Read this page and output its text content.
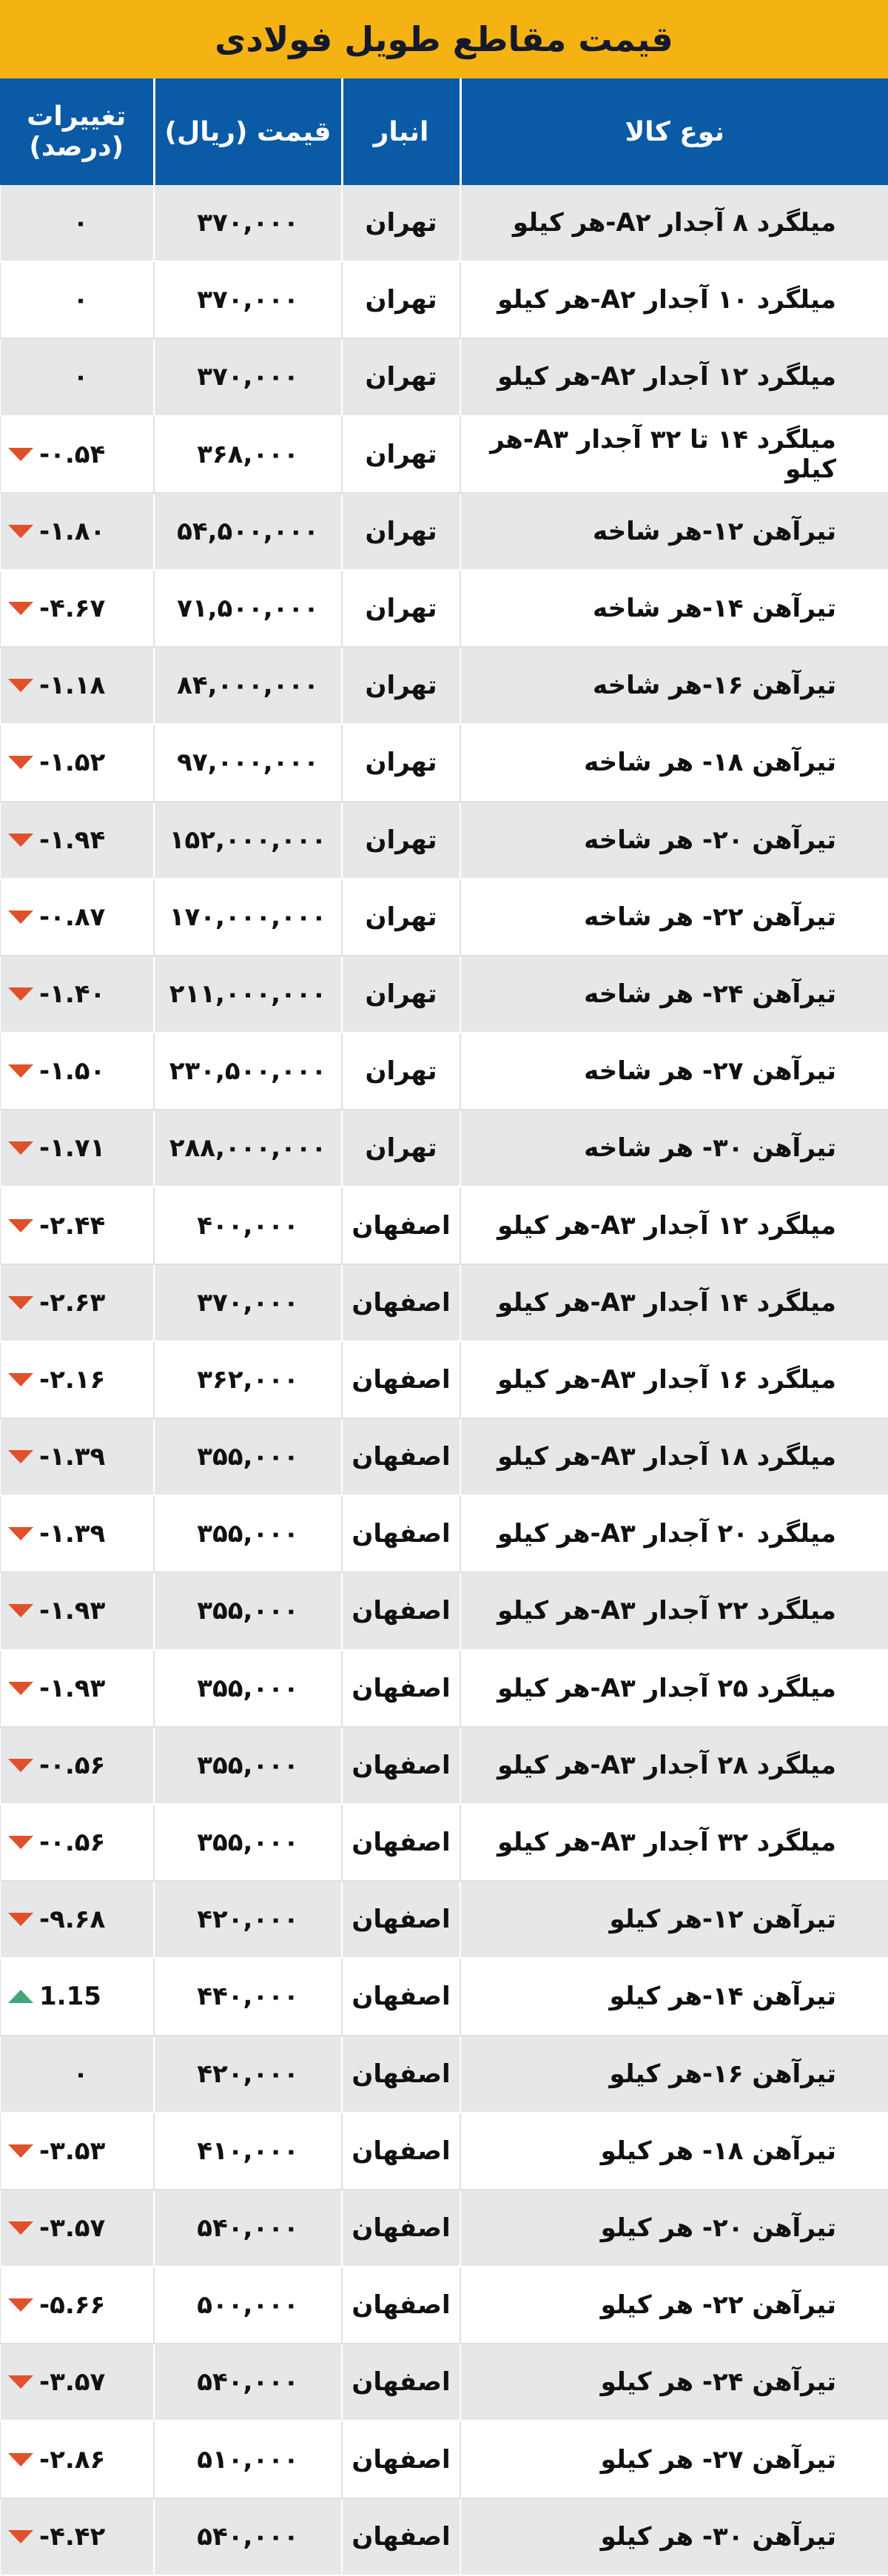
قیمت مقاطع طویل فولادی
نوع کالا	انبار	قیمت (ریال)	تغییرات (درصد)
میلگرد ۸ آجدار A۲-هر کیلو	تهران	۳۷۰,۰۰۰	۰

میلگرد ۱۰ آجدار A۲-هر کیلو	تهران	۳۷۰,۰۰۰	۰

میلگرد ۱۲ آجدار A۲-هر کیلو	تهران	۳۷۰,۰۰۰	۰

میلگرد ۱۴ تا ۳۲ آجدار A۳-هر کیلو	تهران	۳۶۸,۰۰۰	-۰.۵۴

تیرآهن ۱۲-هر شاخه	تهران	۵۴,۵۰۰,۰۰۰	-۱.۸۰

تیرآهن ۱۴-هر شاخه	تهران	۷۱,۵۰۰,۰۰۰	-۴.۶۷

تیرآهن ۱۶-هر شاخه	تهران	۸۴,۰۰۰,۰۰۰	-۱.۱۸

تیرآهن ۱۸- هر شاخه	تهران	۹۷,۰۰۰,۰۰۰	-۱.۵۲

تیرآهن ۲۰- هر شاخه	تهران	۱۵۲,۰۰۰,۰۰۰	-۱.۹۴

تیرآهن ۲۲- هر شاخه	تهران	۱۷۰,۰۰۰,۰۰۰	-۰.۸۷

تیرآهن ۲۴- هر شاخه	تهران	۲۱۱,۰۰۰,۰۰۰	-۱.۴۰

تیرآهن ۲۷- هر شاخه	تهران	۲۳۰,۵۰۰,۰۰۰	-۱.۵۰

تیرآهن ۳۰- هر شاخه	تهران	۲۸۸,۰۰۰,۰۰۰	-۱.۷۱

میلگرد ۱۲ آجدار A۳-هر کیلو	اصفهان	۴۰۰,۰۰۰	-۲.۴۴

میلگرد ۱۴ آجدار A۳-هر کیلو	اصفهان	۳۷۰,۰۰۰	-۲.۶۳

میلگرد ۱۶ آجدار A۳-هر کیلو	اصفهان	۳۶۲,۰۰۰	-۲.۱۶

میلگرد ۱۸ آجدار A۳-هر کیلو	اصفهان	۳۵۵,۰۰۰	-۱.۳۹

میلگرد ۲۰ آجدار A۳-هر کیلو	اصفهان	۳۵۵,۰۰۰	-۱.۳۹

میلگرد ۲۲ آجدار A۳-هر کیلو	اصفهان	۳۵۵,۰۰۰	-۱.۹۳

میلگرد ۲۵ آجدار A۳-هر کیلو	اصفهان	۳۵۵,۰۰۰	-۱.۹۳

میلگرد ۲۸ آجدار A۳-هر کیلو	اصفهان	۳۵۵,۰۰۰	-۰.۵۶

میلگرد ۳۲ آجدار A۳-هر کیلو	اصفهان	۳۵۵,۰۰۰	-۰.۵۶

تیرآهن ۱۲-هر کیلو	اصفهان	۴۲۰,۰۰۰	-۹.۶۸

تیرآهن ۱۴-هر کیلو	اصفهان	۴۴۰,۰۰۰	1.15

تیرآهن ۱۶-هر کیلو	اصفهان	۴۲۰,۰۰۰	۰

تیرآهن ۱۸- هر کیلو	اصفهان	۴۱۰,۰۰۰	-۳.۵۳

تیرآهن ۲۰- هر کیلو	اصفهان	۵۴۰,۰۰۰	-۳.۵۷

تیرآهن ۲۲- هر کیلو	اصفهان	۵۰۰,۰۰۰	-۵.۶۶

تیرآهن ۲۴- هر کیلو	اصفهان	۵۴۰,۰۰۰	-۳.۵۷

تیرآهن ۲۷- هر کیلو	اصفهان	۵۱۰,۰۰۰	-۲.۸۶

تیرآهن ۳۰- هر کیلو	اصفهان	۵۴۰,۰۰۰	-۴.۴۲
